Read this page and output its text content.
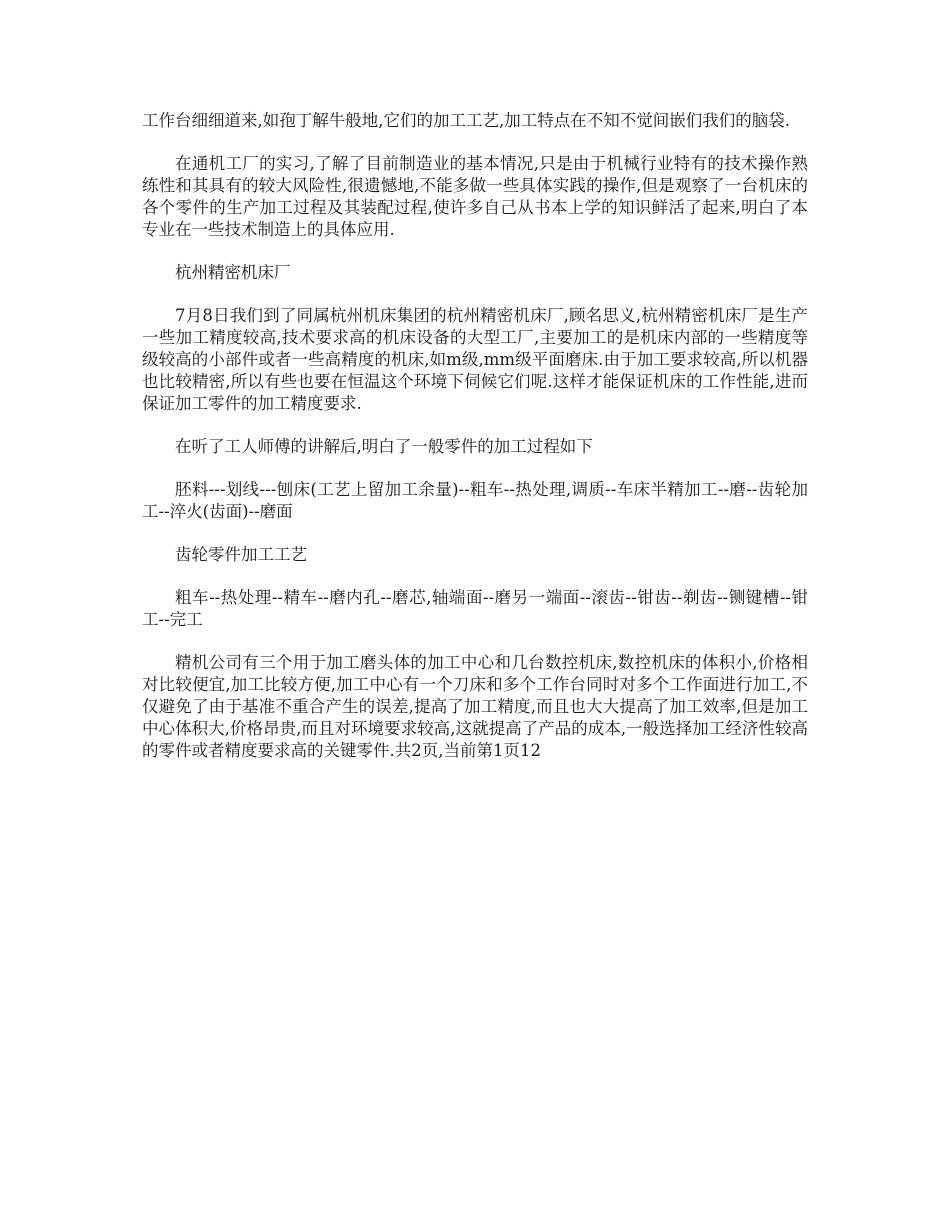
工作台细细道来,如孢丁解牛般地,它们的加工工艺,加工特点在不知不觉间嵌们我们的脑袋.

在通机工厂的实习,了解了目前制造业的基本情况,只是由于机械行业特有的技术操作熟练性和其具有的较大风险性,很遗憾地,不能多做一些具体实践的操作,但是观察了一台机床的各个零件的生产加工过程及其装配过程,使许多自己从书本上学的知识鲜活了起来,明白了本专业在一些技术制造上的具体应用.

杭州精密机床厂

7月8日我们到了同属杭州机床集团的杭州精密机床厂,顾名思义,杭州精密机床厂是生产一些加工精度较高,技术要求高的机床设备的大型工厂,主要加工的是机床内部的一些精度等级较高的小部件或者一些高精度的机床,如m级,mm级平面磨床.由于加工要求较高,所以机器也比较精密,所以有些也要在恒温这个环境下伺候它们呢.这样才能保证机床的工作性能,进而保证加工零件的加工精度要求.

在听了工人师傅的讲解后,明白了一般零件的加工过程如下

胚料---划线---刨床(工艺上留加工余量)--粗车--热处理,调质--车床半精加工--磨--齿轮加工--淬火(齿面)--磨面

齿轮零件加工工艺

粗车--热处理--精车--磨内孔--磨芯,轴端面--磨另一端面--滚齿--钳齿--剃齿--铡键槽--钳工--完工

精机公司有三个用于加工磨头体的加工中心和几台数控机床,数控机床的体积小,价格相对比较便宜,加工比较方便,加工中心有一个刀床和多个工作台同时对多个工作面进行加工,不仅避免了由于基准不重合产生的误差,提高了加工精度,而且也大大提高了加工效率,但是加工中心体积大,价格昂贵,而且对环境要求较高,这就提高了产品的成本,一般选择加工经济性较高的零件或者精度要求高的关键零件.共2页,当前第1页12
